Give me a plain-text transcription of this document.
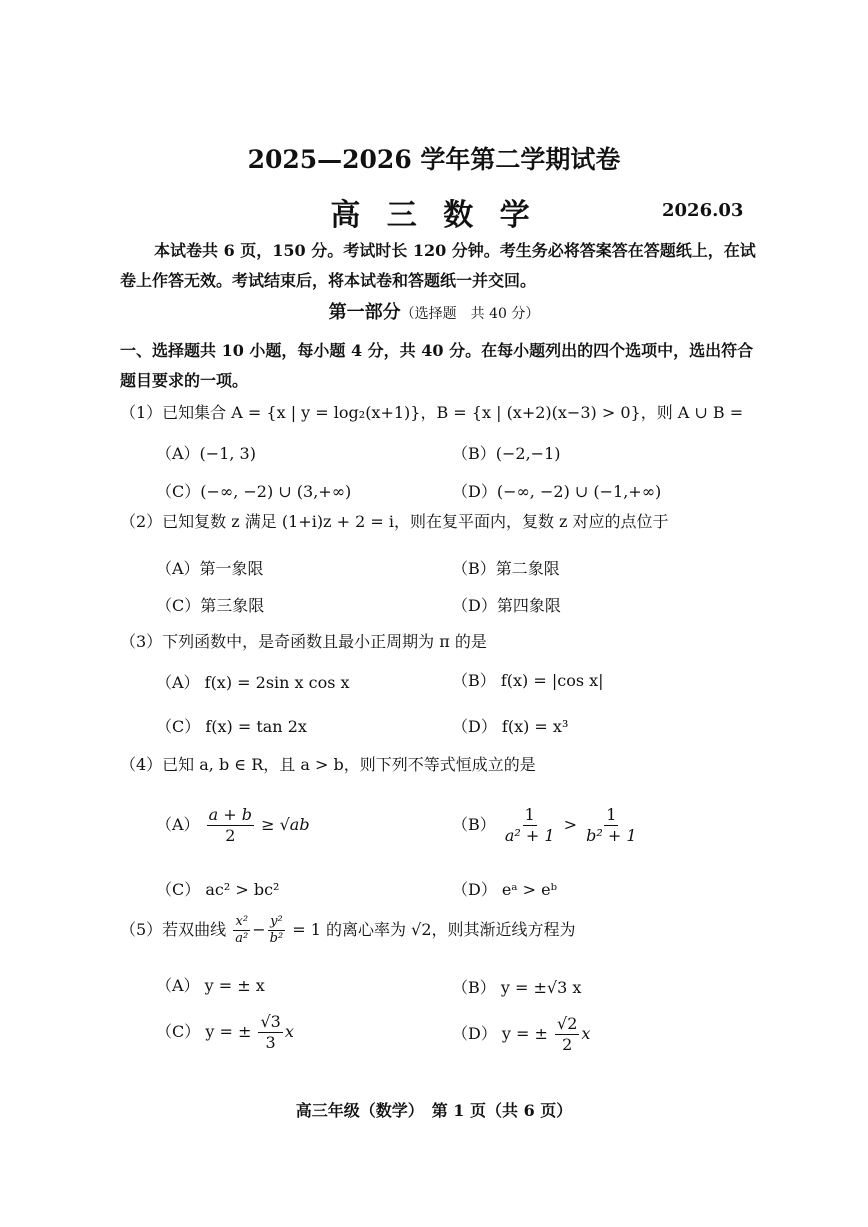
2025—2026 学年第二学期试卷
高 三 数 学	2026.03
本试卷共 6 页，150 分。考试时长 120 分钟。考生务必将答案答在答题纸上，在试卷上作答无效。考试结束后，将本试卷和答题纸一并交回。
第一部分（选择题　共 40 分）
一、选择题共 10 小题，每小题 4 分，共 40 分。在每小题列出的四个选项中，选出符合题目要求的一项。
（1）已知集合 A = {x | y = log₂(x+1)}，B = {x | (x+2)(x−3) > 0}，则 A ∪ B =
（A）(−1, 3)	（B）(−2,−1)
（C）(−∞, −2) ∪ (3,+∞)	（D）(−∞, −2) ∪ (−1,+∞)
（2）已知复数 z 满足 (1+i)z + 2 = i，则在复平面内，复数 z 对应的点位于
（A）第一象限	（B）第二象限
（C）第三象限	（D）第四象限
（3）下列函数中，是奇函数且最小正周期为 π 的是
（A） f(x) = 2sin x cos x	（B） f(x) = |cos x|
（C） f(x) = tan 2x	（D） f(x) = x³
（4）已知 a, b ∈ R，且 a > b，则下列不等式恒成立的是
$(A) \frac{a + b}{2} \ge √ab$	$(B) \frac{1}{\text{a² + 1}} > \frac{1}{\text{b² + 1}}$
（C） ac² > bc²	（D） eᵃ > eᵇ
（5）若双曲线 $\frac{\text{x²}}{\text{a²}} - \frac{\text{y²}}{\text{b²}} = 1$ 的离心率为 √2，则其渐近线方程为
（A） y = ± x	（B） y = ±√3 x
（C） y = ± $\frac{√3}{3}$ x	（D） y = ± $\frac{√2}{2}$ x
高三年级（数学）　第 1 页（共 6 页）
